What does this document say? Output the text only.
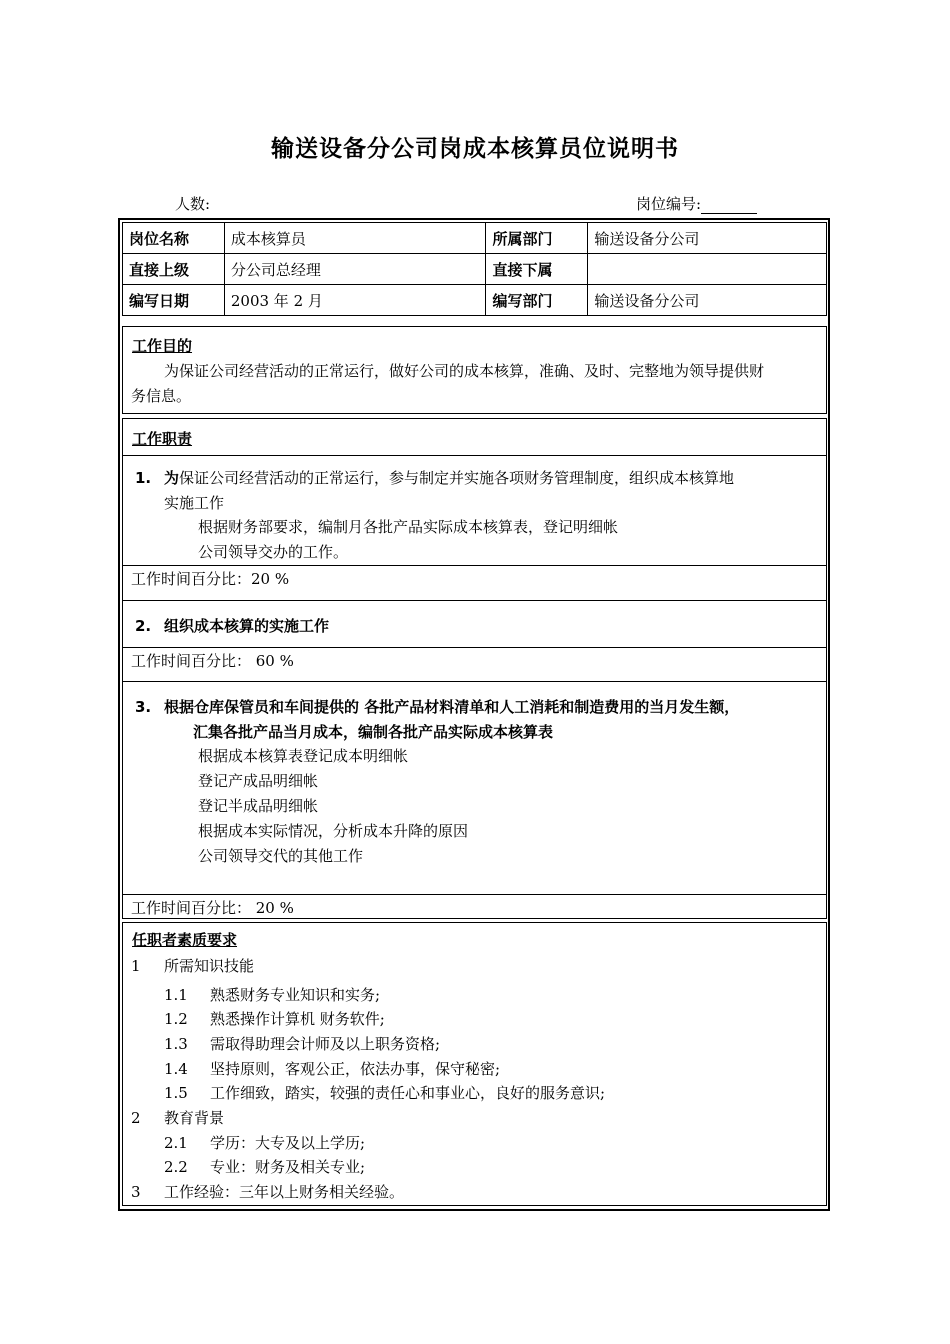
输送设备分公司岗成本核算员位说明书
人数:	岗位编号:
岗位名称	成本核算员	所属部门	输送设备分公司
直接上级	分公司总经理	直接下属	
编写日期	2003 年 2 月	编写部门	输送设备分公司
工作目的
为保证公司经营活动的正常运行，做好公司的成本核算，准确、及时、完整地为领导提供财
务信息。
工作职责
1. 为保证公司经营活动的正常运行，参与制定并实施各项财务管理制度，组织成本核算地
实施工作
根据财务部要求，编制月各批产品实际成本核算表，登记明细帐
公司领导交办的工作。
工作时间百分比：20 %
2. 组织成本核算的实施工作
工作时间百分比： 60 %
3. 根据仓库保管员和车间提供的 各批产品材料清单和人工消耗和制造费用的当月发生额，
汇集各批产品当月成本，编制各批产品实际成本核算表
根据成本核算表登记成本明细帐
登记产成品明细帐
登记半成品明细帐
根据成本实际情况，分析成本升降的原因
公司领导交代的其他工作
工作时间百分比： 20 %
任职者素质要求
1 所需知识技能
1.1 熟悉财务专业知识和实务;
1.2 熟悉操作计算机 财务软件;
1.3 需取得助理会计师及以上职务资格;
1.4 坚持原则，客观公正，依法办事，保守秘密;
1.5 工作细致，踏实，较强的责任心和事业心，良好的服务意识;
2 教育背景
2.1 学历：大专及以上学历;
2.2 专业：财务及相关专业;
3 工作经验：三年以上财务相关经验。
